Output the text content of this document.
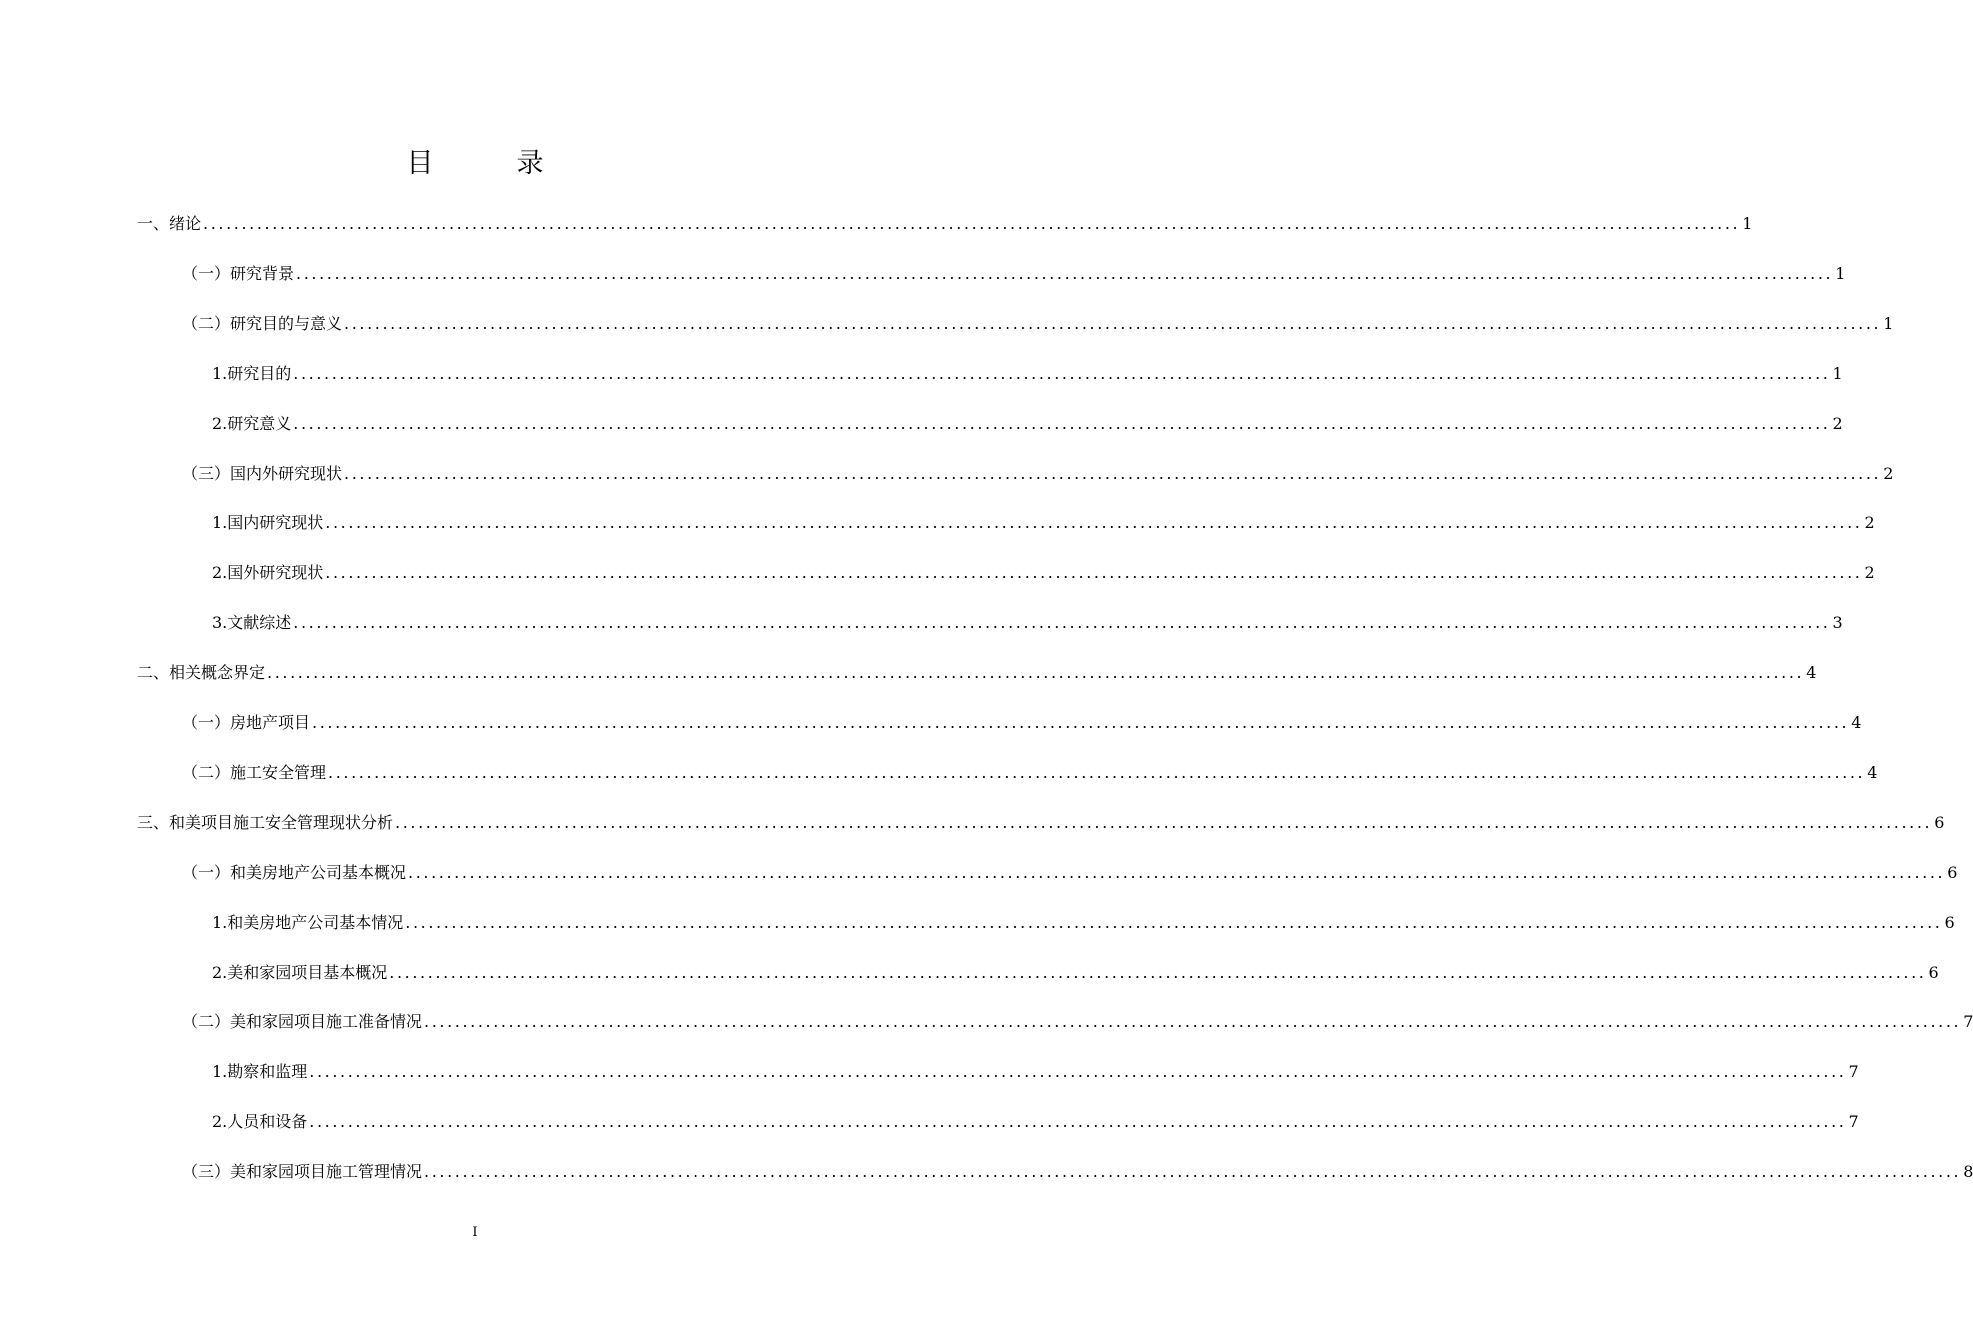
目　录
一、绪论 ........................................................................................................................................................................................................ 1
（一）研究背景 ........................................................................................................................................................................................................ 1
（二）研究目的与意义 ........................................................................................................................................................................................................ 1
1.研究目的 ........................................................................................................................................................................................................ 1
2.研究意义 ........................................................................................................................................................................................................ 2
（三）国内外研究现状 ........................................................................................................................................................................................................ 2
1.国内研究现状 ........................................................................................................................................................................................................ 2
2.国外研究现状 ........................................................................................................................................................................................................ 2
3.文献综述 ........................................................................................................................................................................................................ 3
二、相关概念界定 ........................................................................................................................................................................................................ 4
（一）房地产项目 ........................................................................................................................................................................................................ 4
（二）施工安全管理 ........................................................................................................................................................................................................ 4
三、和美项目施工安全管理现状分析 ........................................................................................................................................................................................................ 6
（一）和美房地产公司基本概况 ........................................................................................................................................................................................................ 6
1.和美房地产公司基本情况 ........................................................................................................................................................................................................ 6
2.美和家园项目基本概况 ........................................................................................................................................................................................................ 6
（二）美和家园项目施工准备情况 ........................................................................................................................................................................................................ 7
1.勘察和监理 ........................................................................................................................................................................................................ 7
2.人员和设备 ........................................................................................................................................................................................................ 7
（三）美和家园项目施工管理情况 ........................................................................................................................................................................................................ 8
I
